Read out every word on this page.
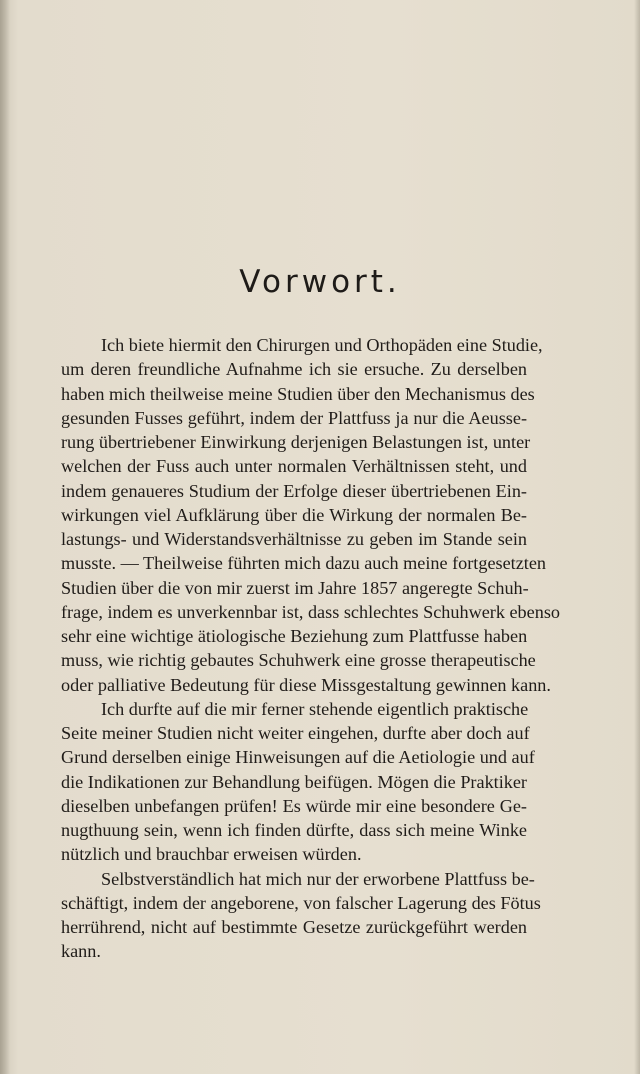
Vorwort.
Ich biete hiermit den Chirurgen und Orthopäden eine Studie,
um deren freundliche Aufnahme ich sie ersuche. Zu derselben
haben mich theilweise meine Studien über den Mechanismus des
gesunden Fusses geführt, indem der Plattfuss ja nur die Aeusse-
rung übertriebener Einwirkung derjenigen Belastungen ist, unter
welchen der Fuss auch unter normalen Verhältnissen steht, und
indem genaueres Studium der Erfolge dieser übertriebenen Ein-
wirkungen viel Aufklärung über die Wirkung der normalen Be-
lastungs- und Widerstandsverhältnisse zu geben im Stande sein
musste. — Theilweise führten mich dazu auch meine fortgesetzten
Studien über die von mir zuerst im Jahre 1857 angeregte Schuh-
frage, indem es unverkennbar ist, dass schlechtes Schuhwerk ebenso
sehr eine wichtige ätiologische Beziehung zum Plattfusse haben
muss, wie richtig gebautes Schuhwerk eine grosse therapeutische
oder palliative Bedeutung für diese Missgestaltung gewinnen kann.
Ich durfte auf die mir ferner stehende eigentlich praktische
Seite meiner Studien nicht weiter eingehen, durfte aber doch auf
Grund derselben einige Hinweisungen auf die Aetiologie und auf
die Indikationen zur Behandlung beifügen. Mögen die Praktiker
dieselben unbefangen prüfen! Es würde mir eine besondere Ge-
nugthuung sein, wenn ich finden dürfte, dass sich meine Winke
nützlich und brauchbar erweisen würden.
Selbstverständlich hat mich nur der erworbene Plattfuss be-
schäftigt, indem der angeborene, von falscher Lagerung des Fötus
herrührend, nicht auf bestimmte Gesetze zurückgeführt werden
kann.
